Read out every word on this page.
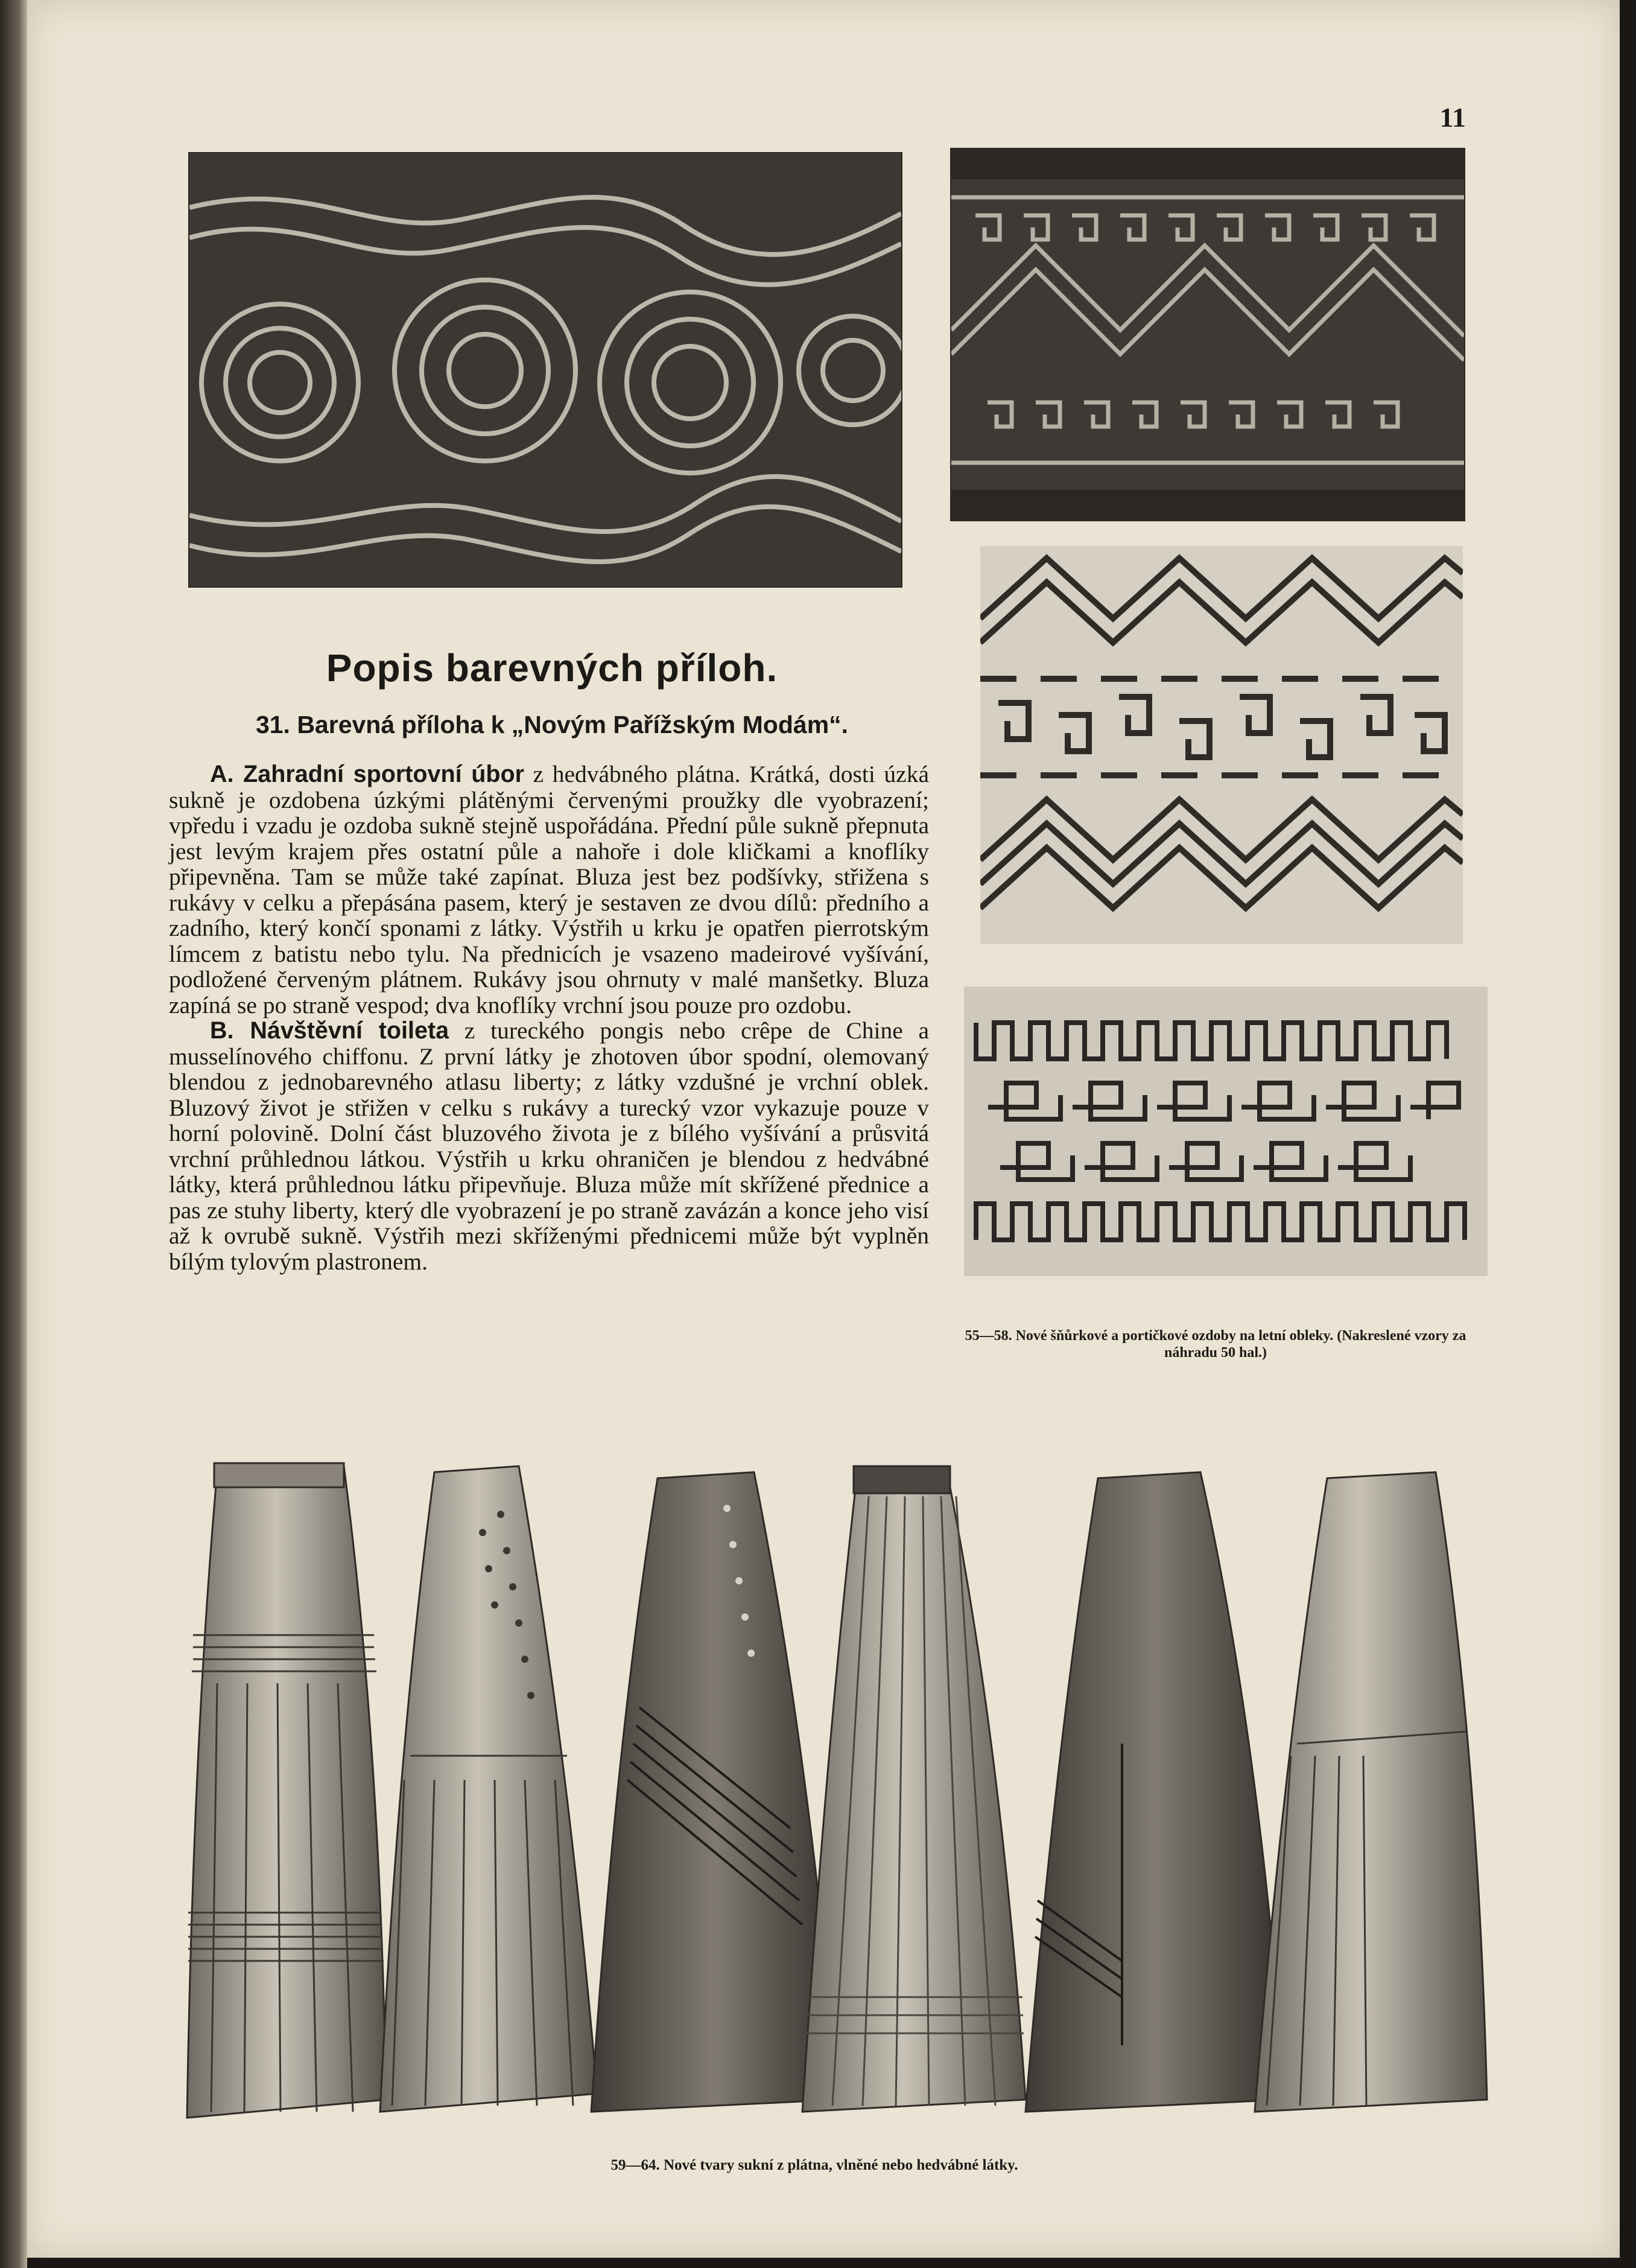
11
55—58. Nové šňůrkové a portičkové ozdoby na letní obleky. (Nakreslené vzory za náhradu 50 hal.)
Popis barevných příloh.
31. Barevná příloha k „Novým Pařížským Modám“.

A. Zahradní sportovní úbor z hedvábného plátna. Krátká, dosti úzká sukně je ozdobena úzkými plátěnými červenými proužky dle vyobrazení; vpředu i vzadu je ozdoba sukně stejně uspořádána. Přední půle sukně přepnuta jest levým krajem přes ostatní půle a nahoře i dole kličkami a knoflíky připevněna. Tam se může také zapínat. Bluza jest bez podšívky, střižena s rukávy v celku a přepásána pasem, který je sestaven ze dvou dílů: předního a zadního, který končí sponami z látky. Výstřih u krku je opatřen pierrotským límcem z batistu nebo tylu. Na přednicích je vsazeno madeirové vyšívání, podložené červeným plátnem. Rukávy jsou ohrnuty v malé manšetky. Bluza zapíná se po straně vespod; dva knoflíky vrchní jsou pouze pro ozdobu.

B. Návštěvní toileta z tureckého pongis nebo crêpe de Chine a musselínového chiffonu. Z první látky je zhotoven úbor spodní, olemovaný blendou z jednobarevného atlasu liberty; z látky vzdušné je vrchní oblek. Bluzový život je střižen v celku s rukávy a turecký vzor vykazuje pouze v horní polovině. Dolní část bluzového života je z bílého vyšívání a průsvitá vrchní průhlednou látkou. Výstřih u krku ohraničen je blendou z hedvábné látky, která průhlednou látku připevňuje. Bluza může mít skřížené přednice a pas ze stuhy liberty, který dle vyobrazení je po straně zavázán a konce jeho visí až k ovrubě sukně. Výstřih mezi skříženými přednicemi může být vyplněn bílým tylovým plastronem.

59—64. Nové tvary sukní z plátna, vlněné nebo hedvábné látky.
